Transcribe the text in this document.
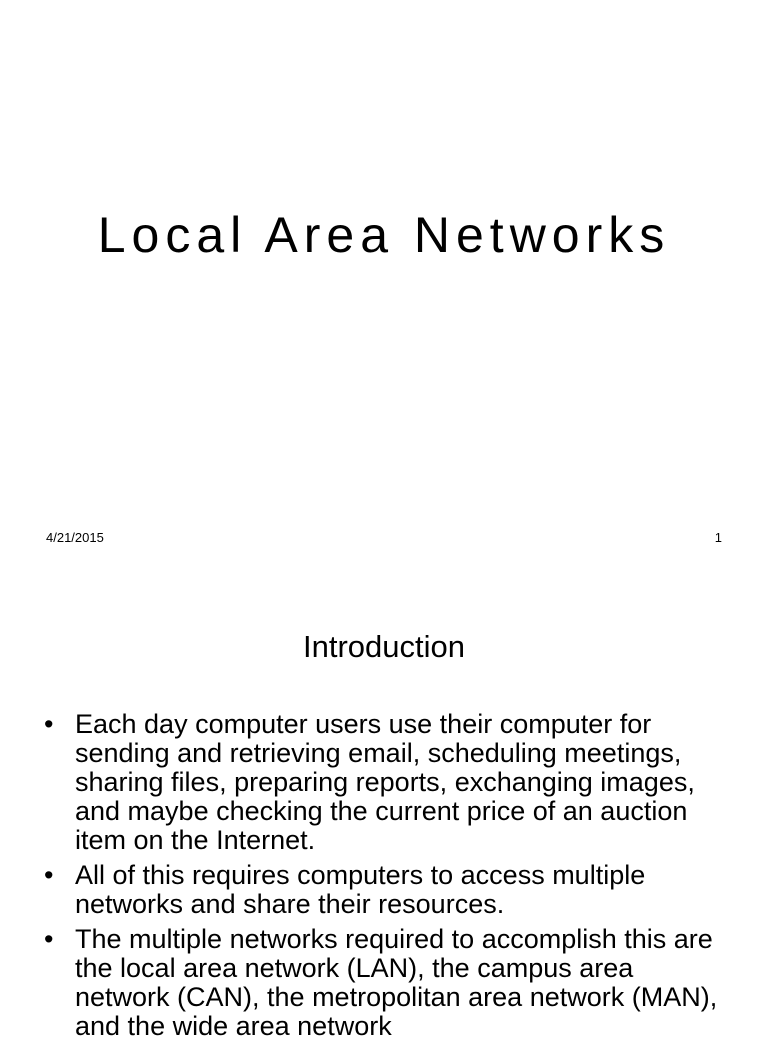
Local Area Networks
4/21/2015	1
Introduction
• Each day computer users use their computer for sending and retrieving email, scheduling meetings, sharing files, preparing reports, exchanging images, and maybe checking the current price of an auction item on the Internet.
• All of this requires computers to access multiple networks and share their resources.
• The multiple networks required to accomplish this are the local area network (LAN), the campus area network (CAN), the metropolitan area network (MAN), and the wide area network
